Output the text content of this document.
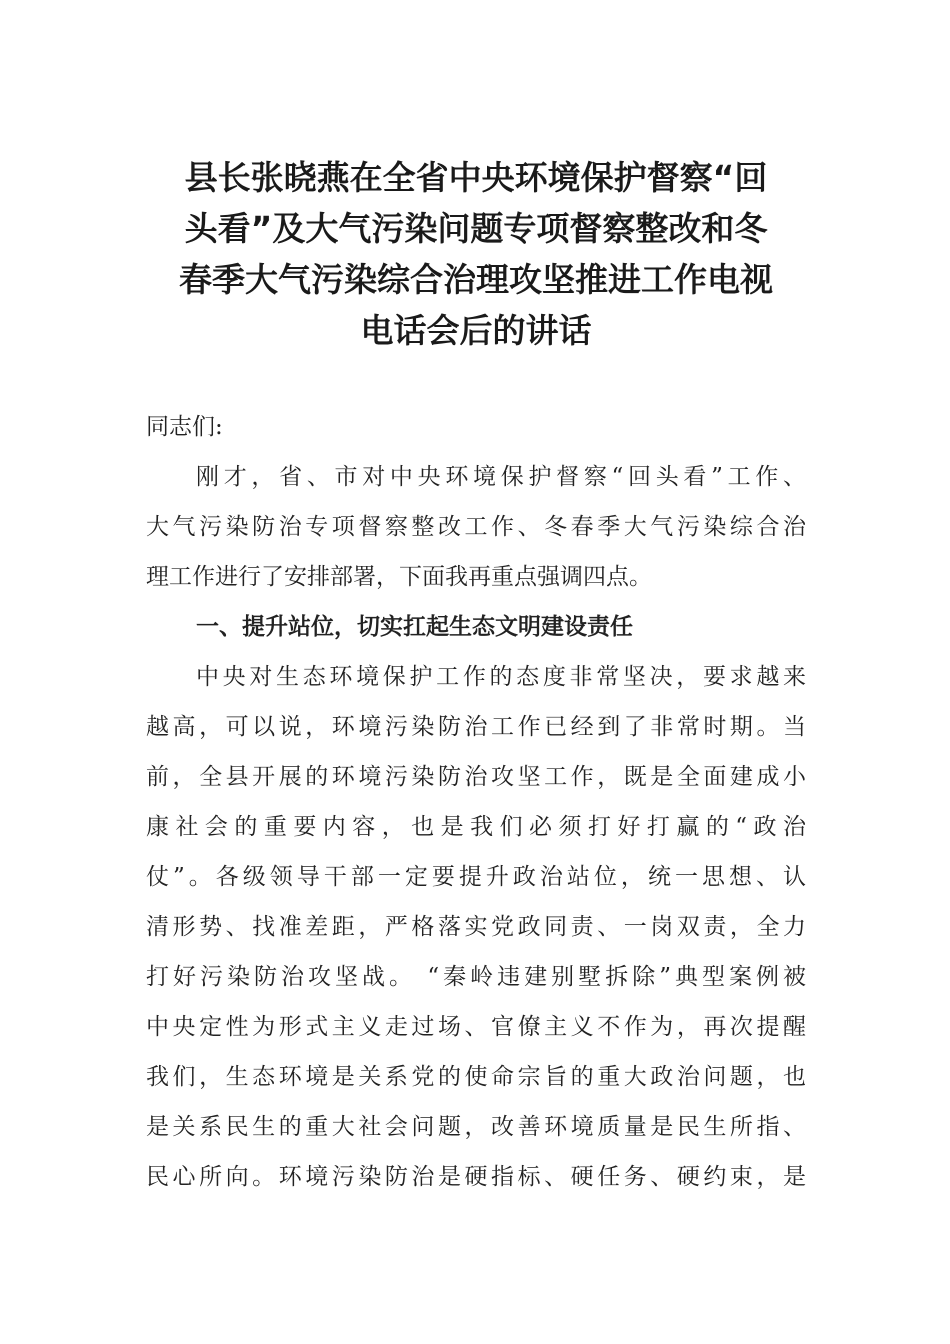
县长张晓燕在全省中央环境保护督察“回
头看”及大气污染问题专项督察整改和冬
春季大气污染综合治理攻坚推进工作电视
电话会后的讲话
同志们:
刚才，省、市对中央环境保护督察“回头看”工作、
大气污染防治专项督察整改工作、冬春季大气污染综合治
理工作进行了安排部署，下面我再重点强调四点。
一、提升站位，切实扛起生态文明建设责任
中央对生态环境保护工作的态度非常坚决，要求越来
越高，可以说，环境污染防治工作已经到了非常时期。当
前，全县开展的环境污染防治攻坚工作，既是全面建成小
康社会的重要内容，也是我们必须打好打赢的“政治
仗”。各级领导干部一定要提升政治站位，统一思想、认
清形势、找准差距，严格落实党政同责、一岗双责，全力
打好污染防治攻坚战。 “秦岭违建别墅拆除”典型案例被
中央定性为形式主义走过场、官僚主义不作为，再次提醒
我们，生态环境是关系党的使命宗旨的重大政治问题，也
是关系民生的重大社会问题，改善环境质量是民生所指、
民心所向。环境污染防治是硬指标、硬任务、硬约束，是
